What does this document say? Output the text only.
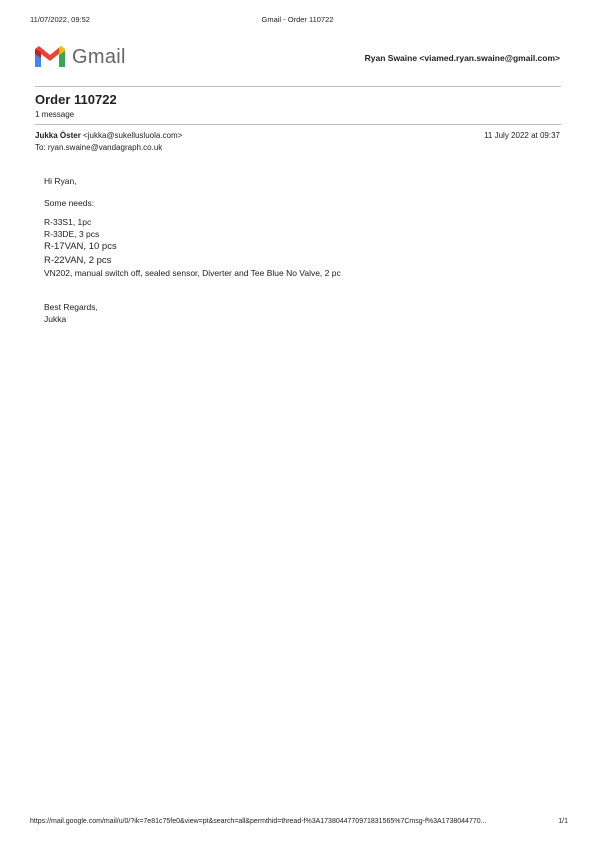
11/07/2022, 09:52	Gmail - Order 110722
Gmail	Ryan Swaine <viamed.ryan.swaine@gmail.com>
Order 110722
1 message
Jukka Öster <jukka@sukellusluola.com>	11 July 2022 at 09:37
To: ryan.swaine@vandagraph.co.uk
Hi Ryan,
Some needs:
R-33S1, 1pc
R-33DE, 3 pcs
R-17VAN, 10 pcs
R-22VAN, 2 pcs
VN202, manual switch off, sealed sensor, Diverter and Tee Blue No Valve, 2 pc
Best Regards,
Jukka
https://mail.google.com/mail/u/0/?ik=7e81c75fe0&view=pt&search=all&permthid=thread-f%3A1738044770971831565%7Cmsg-f%3A1738044770...	1/1
